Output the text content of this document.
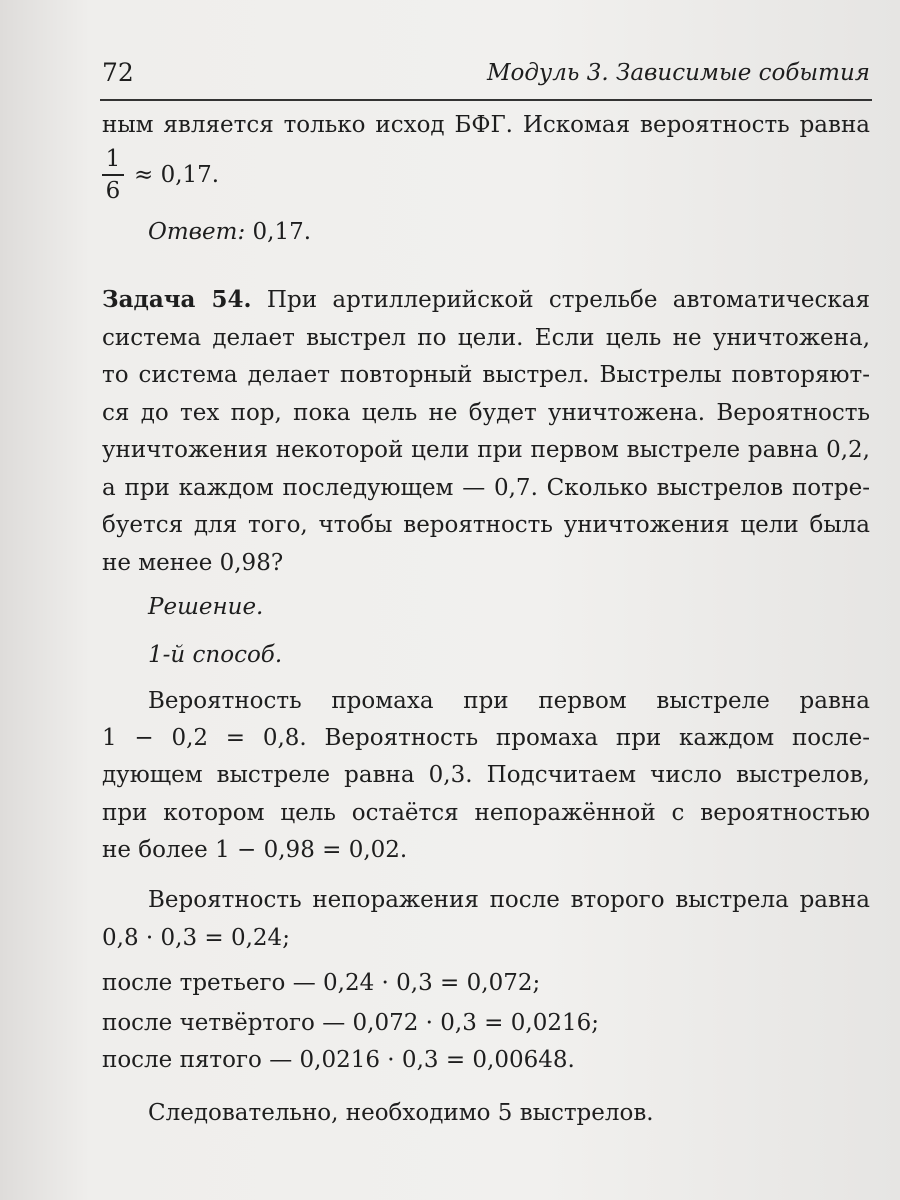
72	Модуль 3. Зависимые события
ным является только исход БФГ. Искомая вероятность равна
1
6
≈ 0,17.
Ответ: 0,17.
Задача 54. При артиллерийской стрельбе автоматическая
система делает выстрел по цели. Если цель не уничтожена,
то система делает повторный выстрел. Выстрелы повторяют-
ся до тех пор, пока цель не будет уничтожена. Вероятность
уничтожения некоторой цели при первом выстреле равна 0,2,
а при каждом последующем — 0,7. Сколько выстрелов потре-
буется для того, чтобы вероятность уничтожения цели была
не менее 0,98?
Решение.
1-й способ.
Вероятность промаха при первом выстреле равна
1 − 0,2 = 0,8. Вероятность промаха при каждом после-
дующем выстреле равна 0,3. Подсчитаем число выстрелов,
при котором цель остаётся непоражённой с вероятностью
не более 1 − 0,98 = 0,02.
Вероятность непоражения после второго выстрела равна
0,8 · 0,3 = 0,24;
после третьего — 0,24 · 0,3 = 0,072;
после четвёртого — 0,072 · 0,3 = 0,0216;
после пятого — 0,0216 · 0,3 = 0,00648.
Следовательно, необходимо 5 выстрелов.
